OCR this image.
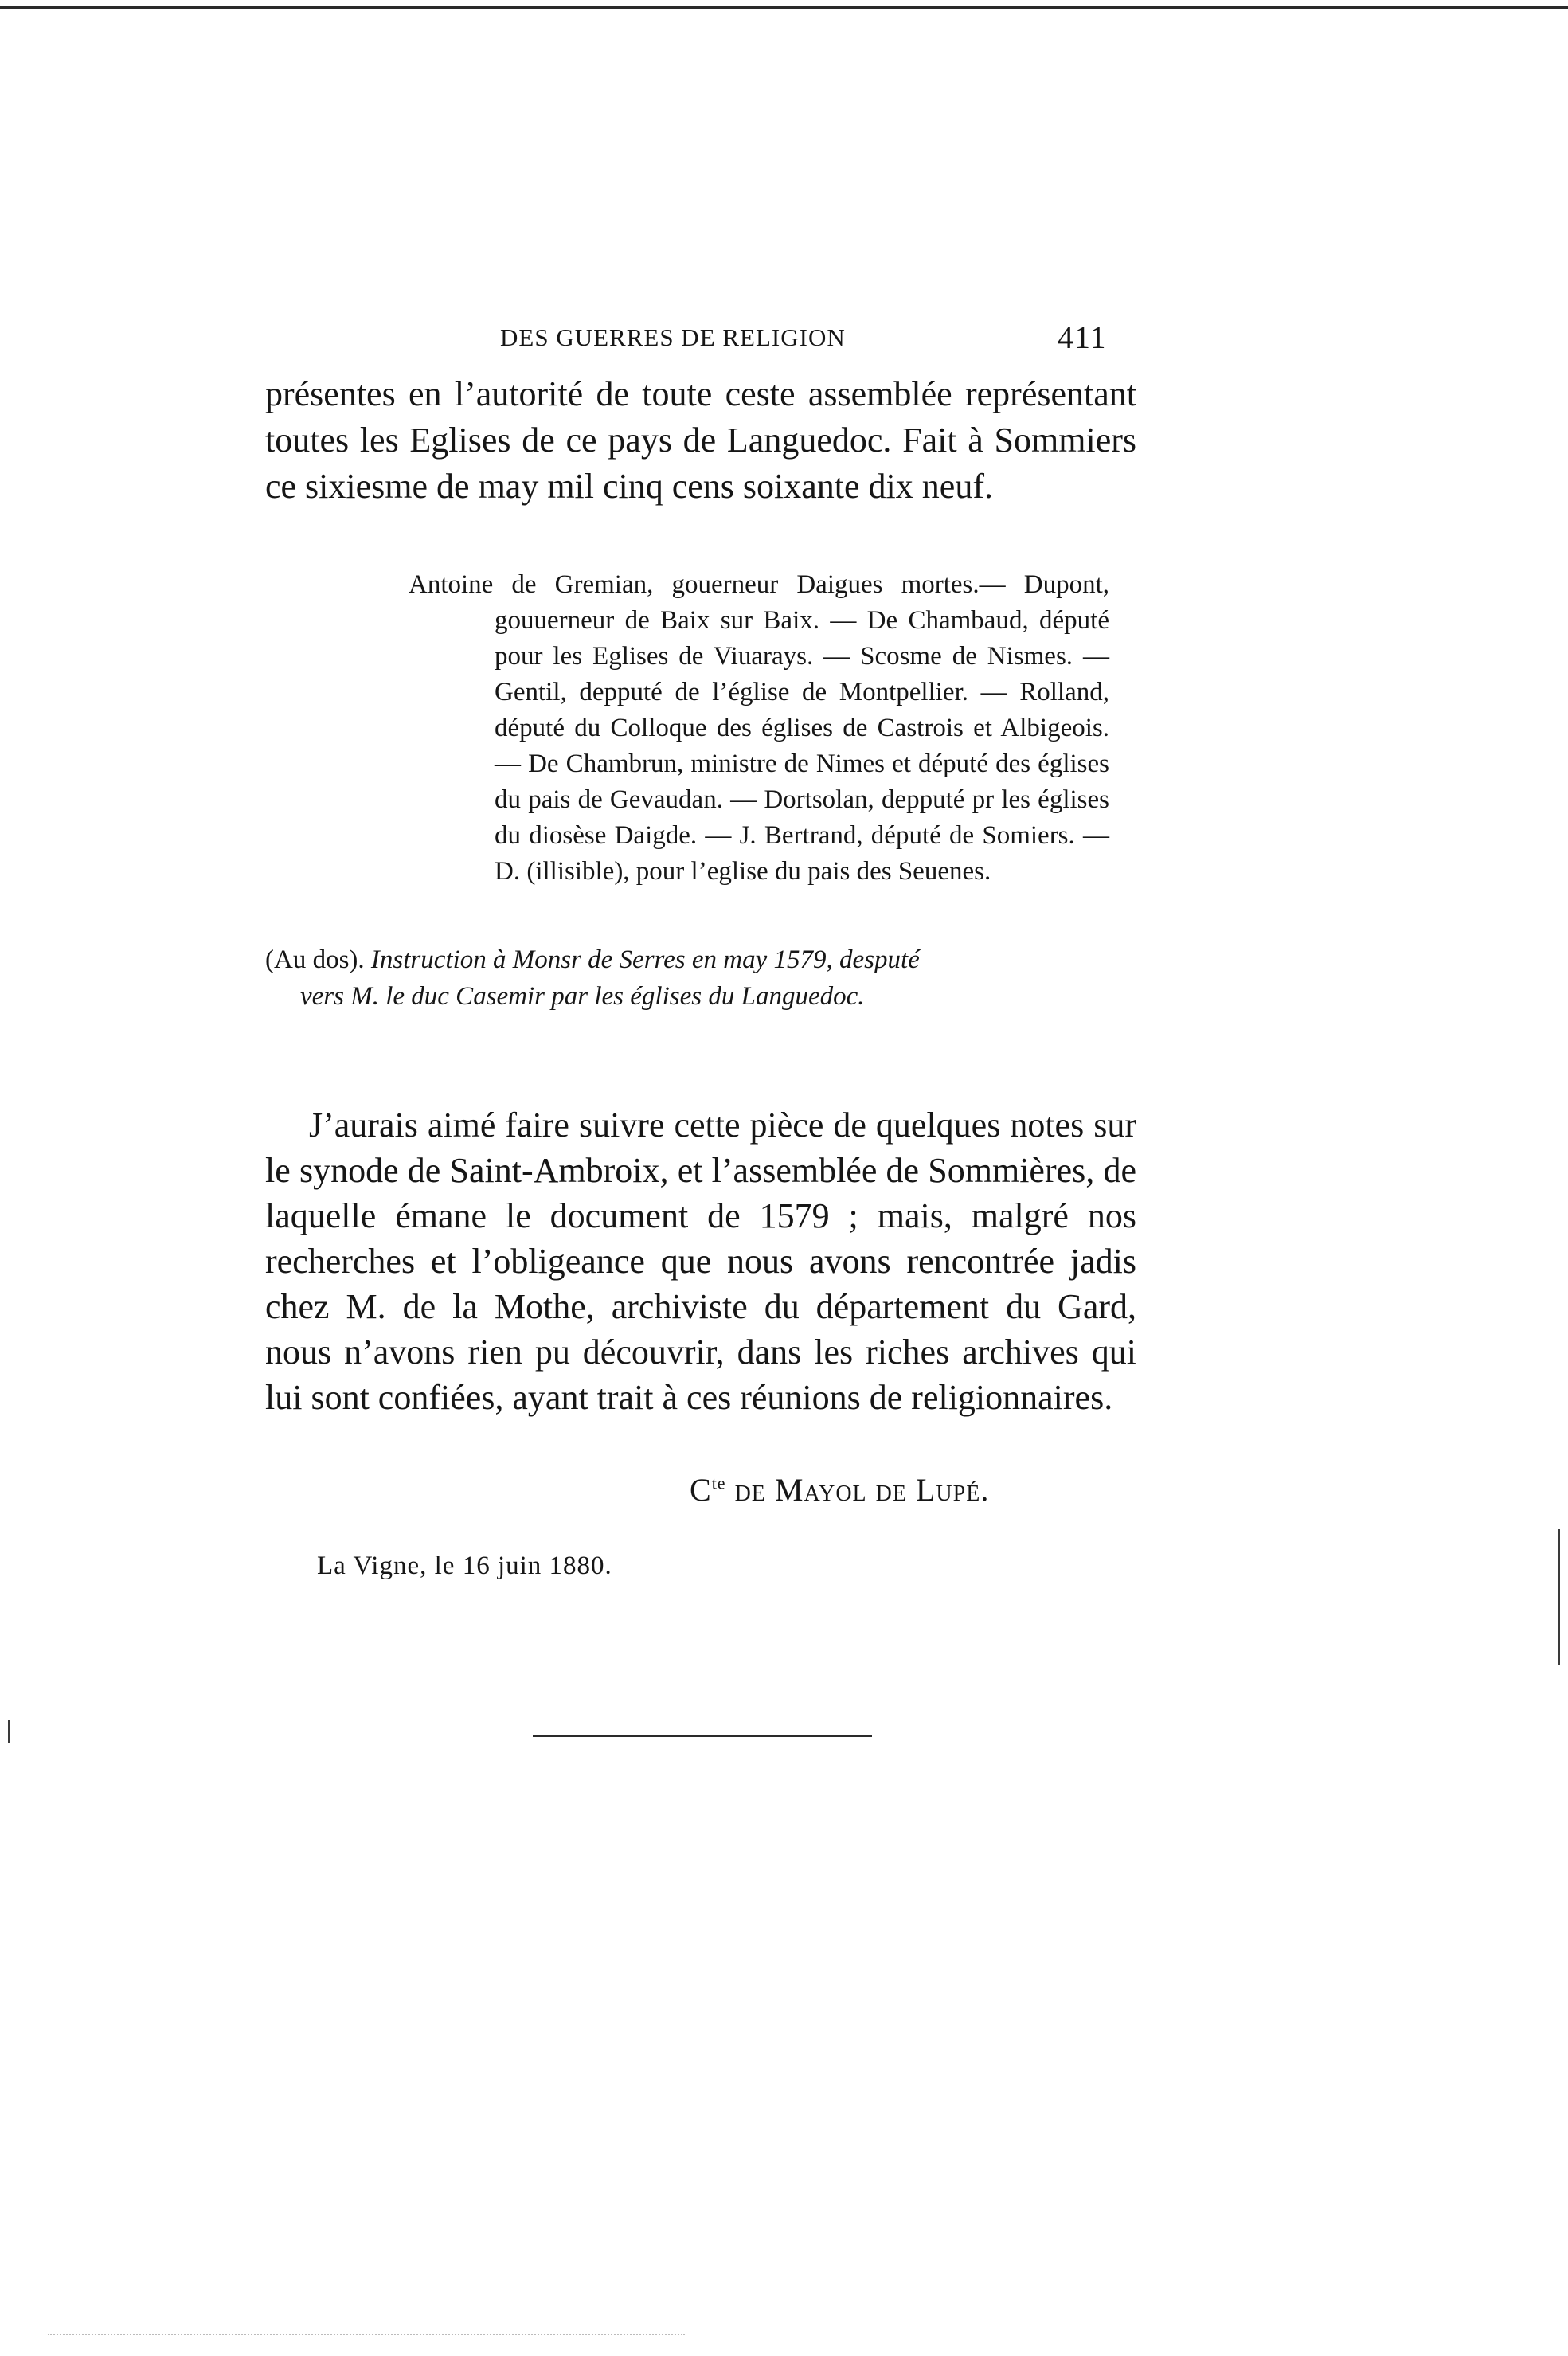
DES GUERRES DE RELIGION	411

présentes en l’autorité de toute ceste assemblée représentant toutes les Eglises de ce pays de Languedoc. Fait à Sommiers ce sixiesme de may mil cinq cens soixante dix neuf.

Antoine de Gremian, gouerneur Daigues mortes.— Dupont, gouuerneur de Baix sur Baix. — De Chambaud, député pour les Eglises de Viuarays. — Scosme de Nismes. — Gentil, depputé de l’église de Montpellier. — Rolland, député du Colloque des églises de Castrois et Albigeois. — De Chambrun, ministre de Nimes et député des églises du pais de Gevaudan. — Dortsolan, depputé pr les églises du diosèse Daigde. — J. Bertrand, député de Somiers. — D. (illisible), pour l’eglise du pais des Seuenes.

(Au dos). Instruction à Monsr de Serres en may 1579, desputé vers M. le duc Casemir par les églises du Languedoc.

J’aurais aimé faire suivre cette pièce de quelques notes sur le synode de Saint-Ambroix, et l’assemblée de Sommières, de laquelle émane le document de 1579 ; mais, malgré nos recherches et l’obligeance que nous avons rencontrée jadis chez M. de la Mothe, archiviste du département du Gard, nous n’avons rien pu découvrir, dans les riches archives qui lui sont confiées, ayant trait à ces réunions de religionnaires.

$C^{te}$ de Mayol de Lupé.
La Vigne, le 16 juin 1880.
